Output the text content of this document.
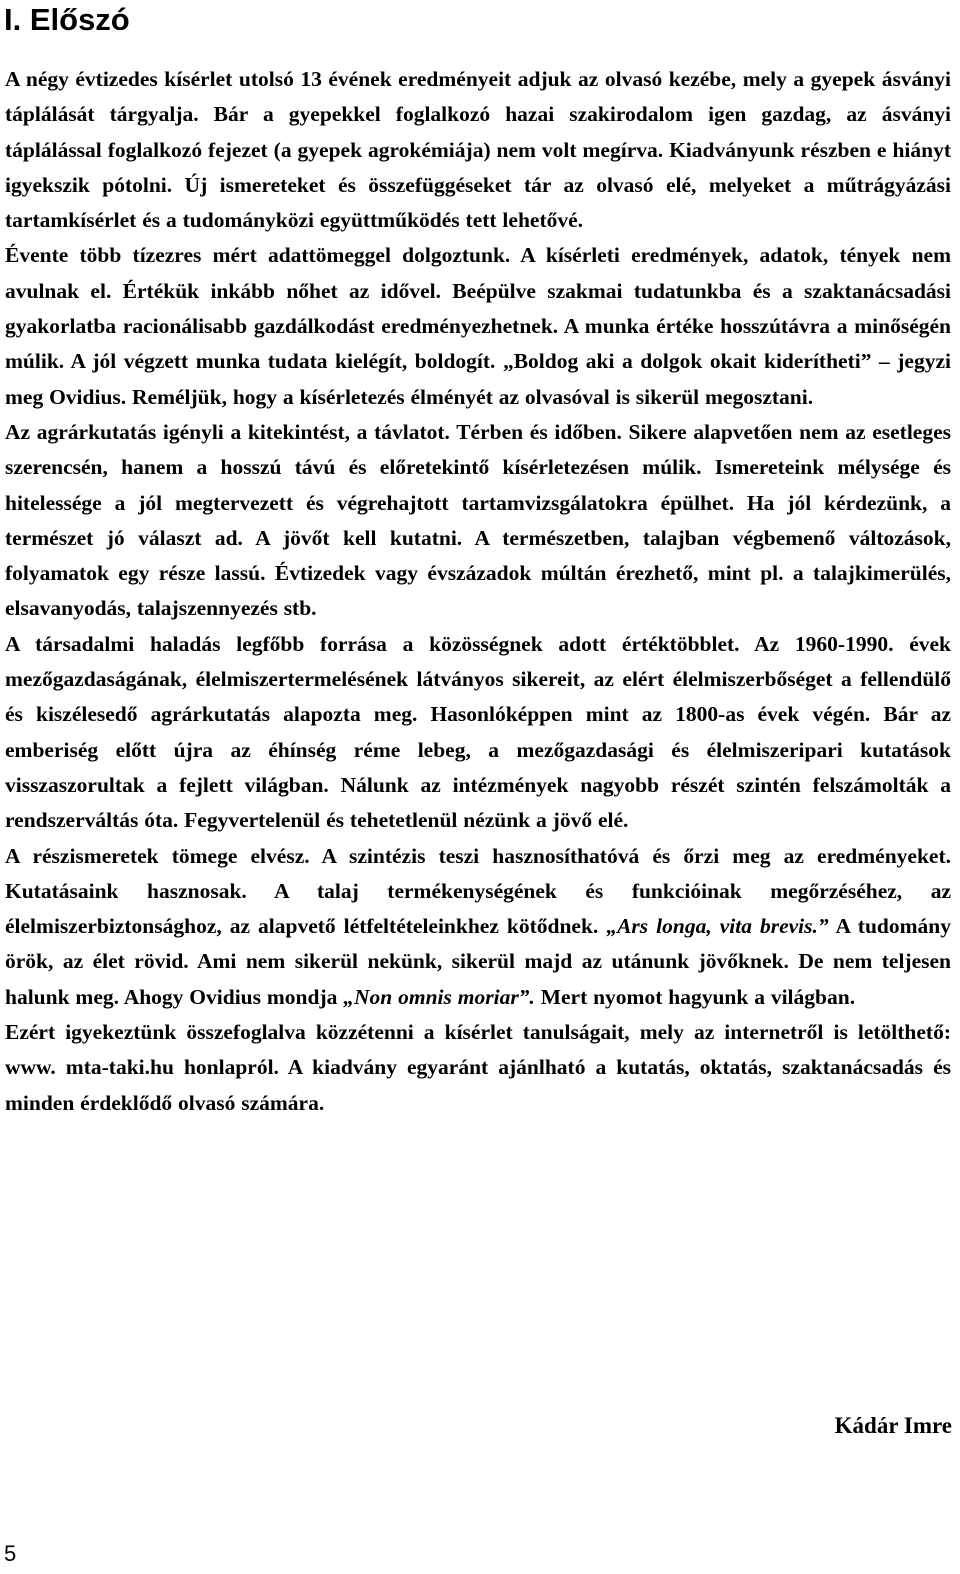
I. Előszó

A négy évtizedes kísérlet utolsó 13 évének eredményeit adjuk az olvasó kezébe, mely a gyepek ásványi táplálását tárgyalja. Bár a gyepekkel foglalkozó hazai szakirodalom igen gazdag, az ásványi táplálással foglalkozó fejezet (a gyepek agrokémiája) nem volt megírva. Kiadványunk részben e hiányt igyekszik pótolni. Új ismereteket és összefüggéseket tár az olvasó elé, melyeket a műtrágyázási tartamkísérlet és a tudományközi együttműködés tett lehetővé.

Évente több tízezres mért adattömeggel dolgoztunk. A kísérleti eredmények, adatok, tények nem avulnak el. Értékük inkább nőhet az idővel. Beépülve szakmai tudatunkba és a szaktanácsadási gyakorlatba racionálisabb gazdálkodást eredményezhetnek. A munka értéke hosszútávra a minőségén múlik. A jól végzett munka tudata kielégít, boldogít. „Boldog aki a dolgok okait kiderítheti” – jegyzi meg Ovidius. Reméljük, hogy a kísérletezés élményét az olvasóval is sikerül megosztani.

Az agrárkutatás igényli a kitekintést, a távlatot. Térben és időben. Sikere alapvetően nem az esetleges szerencsén, hanem a hosszú távú és előretekintő kísérletezésen múlik. Ismereteink mélysége és hitelessége a jól megtervezett és végrehajtott tartamvizsgálatokra épülhet. Ha jól kérdezünk, a természet jó választ ad. A jövőt kell kutatni. A természetben, talajban végbemenő változások, folyamatok egy része lassú. Évtizedek vagy évszázadok múltán érezhető, mint pl. a talajkimerülés, elsavanyodás, talajszennyezés stb.

A társadalmi haladás legfőbb forrása a közösségnek adott értéktöbblet. Az 1960-1990. évek mezőgazdaságának, élelmiszertermelésének látványos sikereit, az elért élelmiszerbőséget a fellendülő és kiszélesedő agrárkutatás alapozta meg. Hasonlóképpen mint az 1800-as évek végén. Bár az emberiség előtt újra az éhínség réme lebeg, a mezőgazdasági és élelmiszeripari kutatások visszaszorultak a fejlett világban. Nálunk az intézmények nagyobb részét szintén felszámolták a rendszerváltás óta. Fegyvertelenül és tehetetlenül nézünk a jövő elé.

A részismeretek tömege elvész. A szintézis teszi hasznosíthatóvá és őrzi meg az eredményeket. Kutatásaink hasznosak. A talaj termékenységének és funkcióinak megőrzéséhez, az élelmiszerbiztonsághoz, az alapvető létfeltételeinkhez kötődnek. „Ars longa, vita brevis.” A tudomány örök, az élet rövid. Ami nem sikerül nekünk, sikerül majd az utánunk jövőknek. De nem teljesen halunk meg. Ahogy Ovidius mondja „Non omnis moriar”. Mert nyomot hagyunk a világban.

Ezért igyekeztünk összefoglalva közzétenni a kísérlet tanulságait, mely az internetről is letölthető: www. mta-taki.hu honlapról. A kiadvány egyaránt ajánlható a kutatás, oktatás, szaktanácsadás és minden érdeklődő olvasó számára.

Kádár Imre
5
